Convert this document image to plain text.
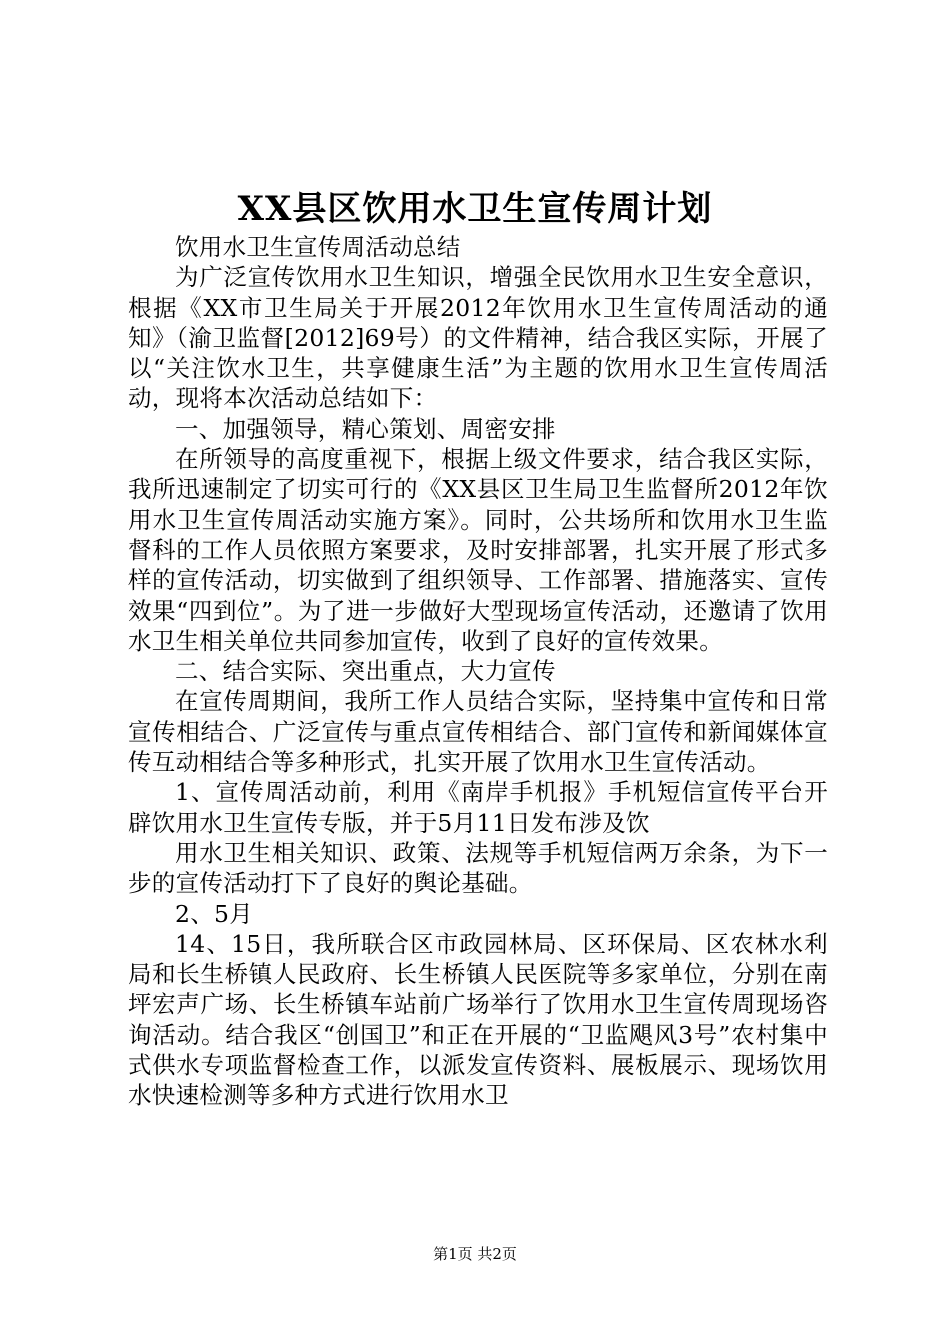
XX县区饮用水卫生宣传周计划

饮用水卫生宣传周活动总结

为广泛宣传饮用水卫生知识，增强全民饮用水卫生安全意识，根据《XX市卫生局关于开展2012年饮用水卫生宣传周活动的通知》（渝卫监督[2012]69号）的文件精神，结合我区实际，开展了以“关注饮水卫生，共享健康生活”为主题的饮用水卫生宣传周活动，现将本次活动总结如下：

一、加强领导，精心策划、周密安排

在所领导的高度重视下，根据上级文件要求，结合我区实际，我所迅速制定了切实可行的《XX县区卫生局卫生监督所2012年饮用水卫生宣传周活动实施方案》。同时，公共场所和饮用水卫生监督科的工作人员依照方案要求，及时安排部署，扎实开展了形式多样的宣传活动，切实做到了组织领导、工作部署、措施落实、宣传效果“四到位”。为了进一步做好大型现场宣传活动，还邀请了饮用水卫生相关单位共同参加宣传，收到了良好的宣传效果。

二、结合实际、突出重点，大力宣传

在宣传周期间，我所工作人员结合实际，坚持集中宣传和日常宣传相结合、广泛宣传与重点宣传相结合、部门宣传和新闻媒体宣传互动相结合等多种形式，扎实开展了饮用水卫生宣传活动。

1、宣传周活动前，利用《南岸手机报》手机短信宣传平台开辟饮用水卫生宣传专版，并于5月11日发布涉及饮

用水卫生相关知识、政策、法规等手机短信两万余条，为下一步的宣传活动打下了良好的舆论基础。

2、5月

14、15日，我所联合区市政园林局、区环保局、区农林水利局和长生桥镇人民政府、长生桥镇人民医院等多家单位，分别在南坪宏声广场、长生桥镇车站前广场举行了饮用水卫生宣传周现场咨询活动。结合我区“创国卫”和正在开展的“卫监飓风3号”农村集中式供水专项监督检查工作，以派发宣传资料、展板展示、现场饮用水快速检测等多种方式进行饮用水卫

第1页 共2页
